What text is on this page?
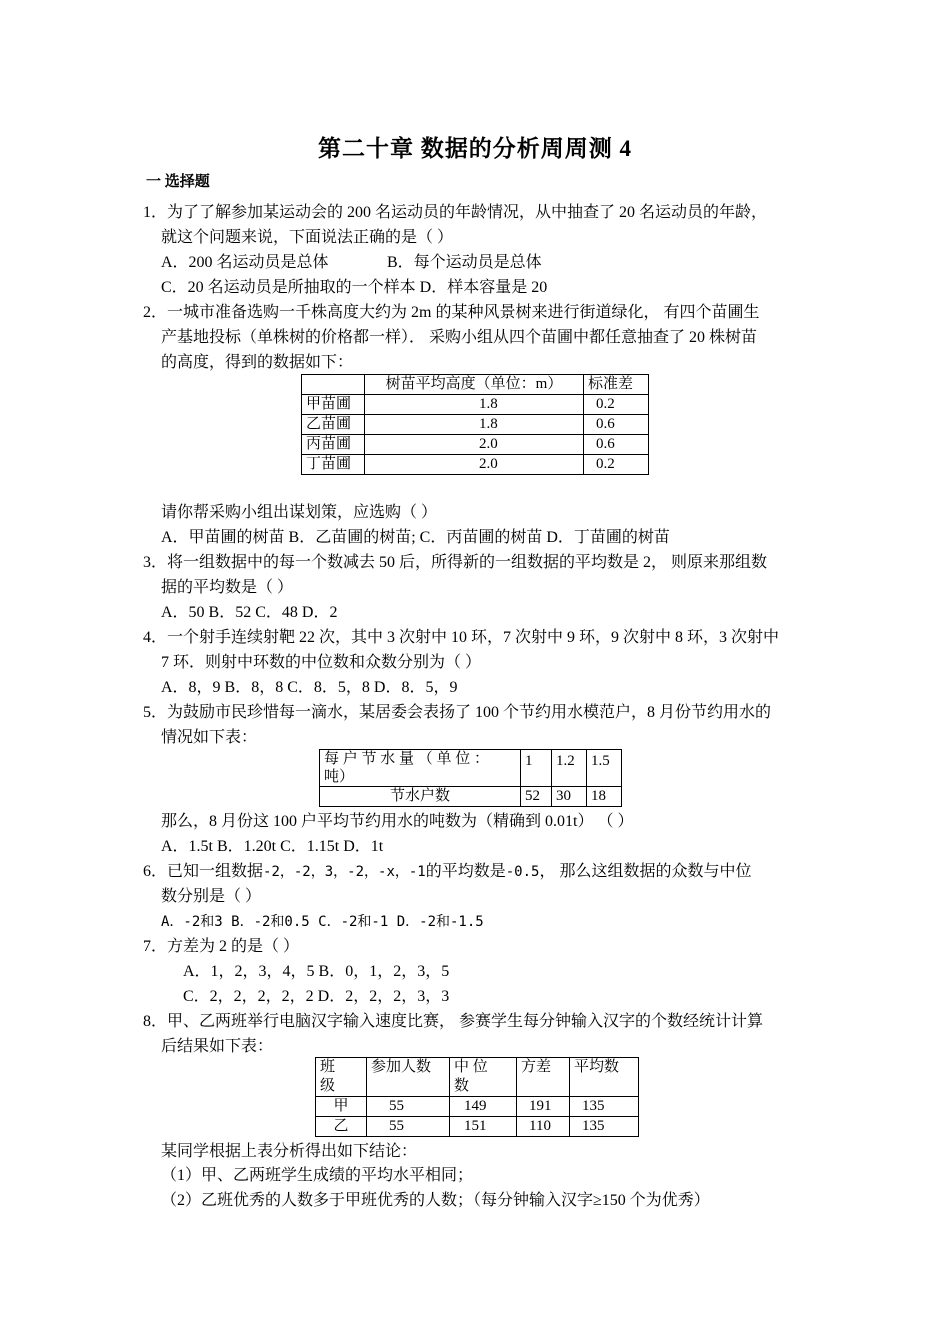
第二十章 数据的分析周周测 4
一 选择题
1．为了了解参加某运动会的 200 名运动员的年龄情况，从中抽查了 20 名运动员的年龄，
就这个问题来说，下面说法正确的是（ ）
A．200 名运动员是总体	B．每个运动员是总体
C．20 名运动员是所抽取的一个样本 D．样本容量是 20
2．一城市准备选购一千株高度大约为 2m 的某种风景树来进行街道绿化， 有四个苗圃生
产基地投标（单株树的价格都一样）． 采购小组从四个苗圃中都任意抽查了 20 株树苗
的高度，得到的数据如下：
	树苗平均高度（单位：m）	标准差
甲苗圃	1.8	0.2
乙苗圃	1.8	0.6
丙苗圃	2.0	0.6
丁苗圃	2.0	0.2
请你帮采购小组出谋划策，应选购（ ）
A．甲苗圃的树苗 B．乙苗圃的树苗; C．丙苗圃的树苗 D．丁苗圃的树苗
3．将一组数据中的每一个数减去 50 后，所得新的一组数据的平均数是 2， 则原来那组数
据的平均数是（ ）
A．50 B．52 C．48 D．2
4．一个射手连续射靶 22 次，其中 3 次射中 10 环，7 次射中 9 环，9 次射中 8 环，3 次射中
7 环．则射中环数的中位数和众数分别为（ ）
A．8，9 B．8，8 C．8．5，8 D．8．5，9
5．为鼓励市民珍惜每一滴水，某居委会表扬了 100 个节约用水模范户，8 月份节约用水的
情况如下表：
每 户 节 水 量 （ 单 位 ：
吨）	1	1.2	1.5
节水户数	52	30	18
那么，8 月份这 100 户平均节约用水的吨数为（精确到 0.01t） （ ）
A．1.5t B．1.20t C．1.15t D．1t
6．已知一组数据-2，-2，3，-2，-x，-1的平均数是-0.5， 那么这组数据的众数与中位
数分别是（ ）
A．-2和3 B．-2和0.5 C．-2和-1 D．-2和-1.5
7．方差为 2 的是（ ）
A．1，2，3，4，5 B．0，1，2，3，5
C．2，2，2，2，2 D．2，2，2，3，3
8．甲、乙两班举行电脑汉字输入速度比赛， 参赛学生每分钟输入汉字的个数经统计计算
后结果如下表：
班
级	参加人数	中 位
数	方差	平均数
甲	55	149	191	135
乙	55	151	110	135
某同学根据上表分析得出如下结论：
（1）甲、乙两班学生成绩的平均水平相同；
（2）乙班优秀的人数多于甲班优秀的人数；（每分钟输入汉字≥150 个为优秀）
